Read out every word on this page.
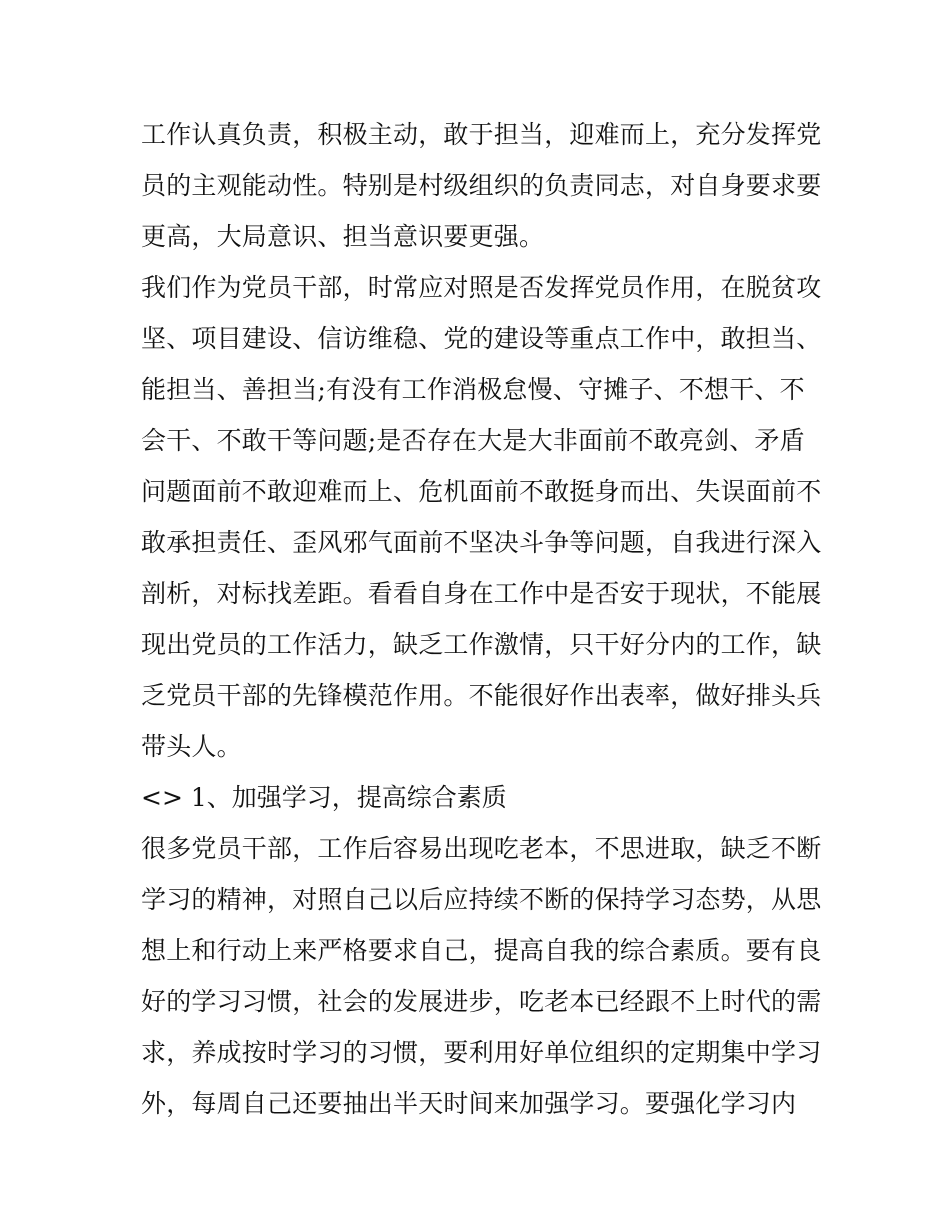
工作认真负责，积极主动，敢于担当，迎难而上，充分发挥党
员的主观能动性。特别是村级组织的负责同志，对自身要求要
更高，大局意识、担当意识要更强。
我们作为党员干部，时常应对照是否发挥党员作用，在脱贫攻
坚、项目建设、信访维稳、党的建设等重点工作中，敢担当、
能担当、善担当;有没有工作消极怠慢、守摊子、不想干、不
会干、不敢干等问题;是否存在大是大非面前不敢亮剑、矛盾
问题面前不敢迎难而上、危机面前不敢挺身而出、失误面前不
敢承担责任、歪风邪气面前不坚决斗争等问题，自我进行深入
剖析，对标找差距。看看自身在工作中是否安于现状，不能展
现出党员的工作活力，缺乏工作激情，只干好分内的工作，缺
乏党员干部的先锋模范作用。不能很好作出表率，做好排头兵
带头人。
<> 1、加强学习，提高综合素质
很多党员干部，工作后容易出现吃老本，不思进取，缺乏不断
学习的精神，对照自己以后应持续不断的保持学习态势，从思
想上和行动上来严格要求自己，提高自我的综合素质。要有良
好的学习习惯，社会的发展进步，吃老本已经跟不上时代的需
求，养成按时学习的习惯，要利用好单位组织的定期集中学习
外，每周自己还要抽出半天时间来加强学习。要强化学习内
